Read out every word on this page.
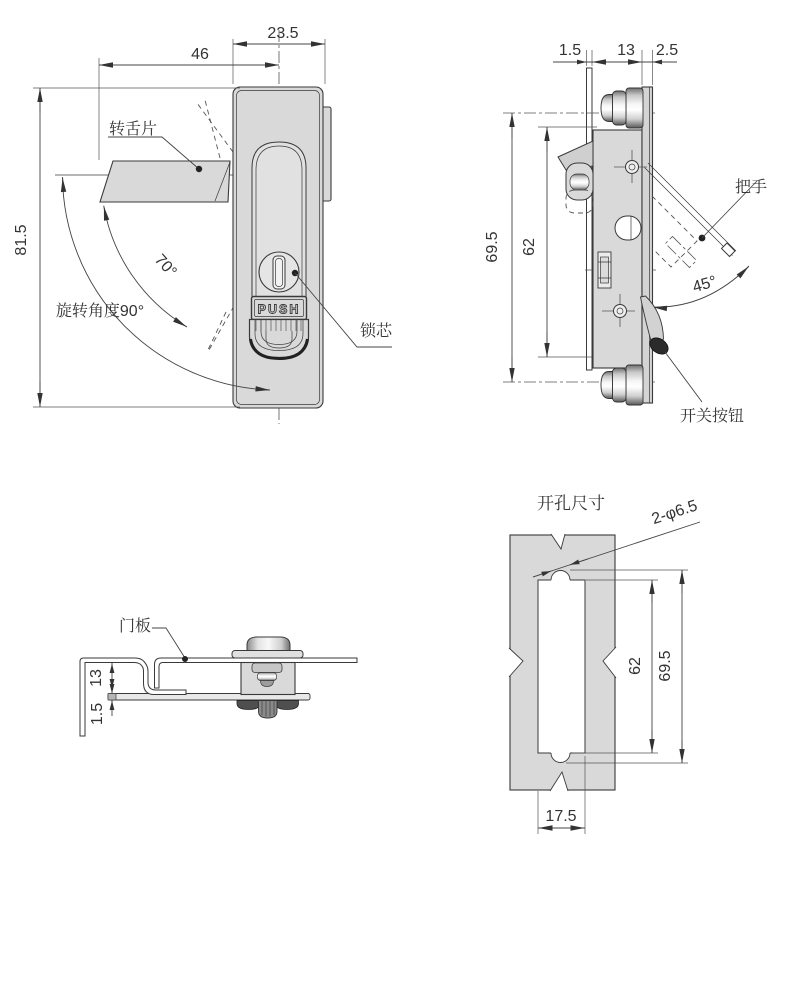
PUSH
23.5
46
81.5
70°
旋转角度90°
转舌片
锁芯
把手
45°
开关按钮
1.5 13 2.5
69.5 62
门板
13
1.5
开孔尺寸	2-φ6.5
62 69.5
17.5
